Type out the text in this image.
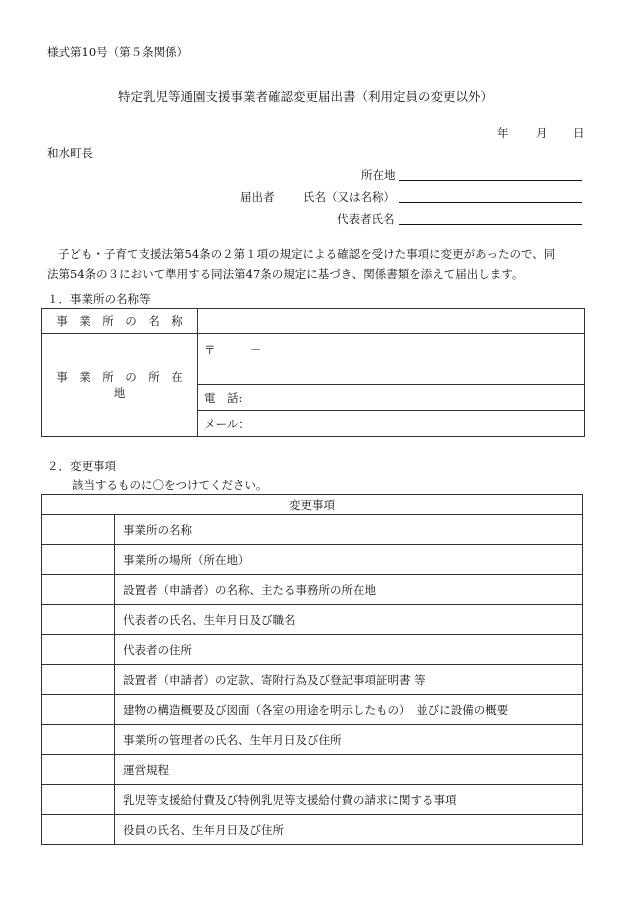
様式第10号（第５条関係）
特定乳児等通園支援事業者確認変更届出書（利用定員の変更以外）
年 月 日
和水町長
所在地
届出者 氏名（又は名称）
代表者氏名
子ども・子育て支援法第54条の２第１項の規定による確認を受けた事項に変更があったので、同
法第54条の３において準用する同法第47条の規定に基づき、関係書類を添えて届出します。
１．事業所の名称等
事　業　所　の　名　称	
事　業　所　の　所　在　地	〒　　　－
	電　話:
	メール：
２．変更事項
該当するものに〇をつけてください。
変更事項	
	事業所の名称
	事業所の場所（所在地）
	設置者（申請者）の名称、主たる事務所の所在地
	代表者の氏名、生年月日及び職名
	代表者の住所
	設置者（申請者）の定款、寄附行為及び登記事項証明書 等
	建物の構造概要及び図面（各室の用途を明示したもの）　並びに設備の概要
	事業所の管理者の氏名、生年月日及び住所
	運営規程
	乳児等支援給付費及び特例乳児等支援給付費の請求に関する事項
	役員の氏名、生年月日及び住所
